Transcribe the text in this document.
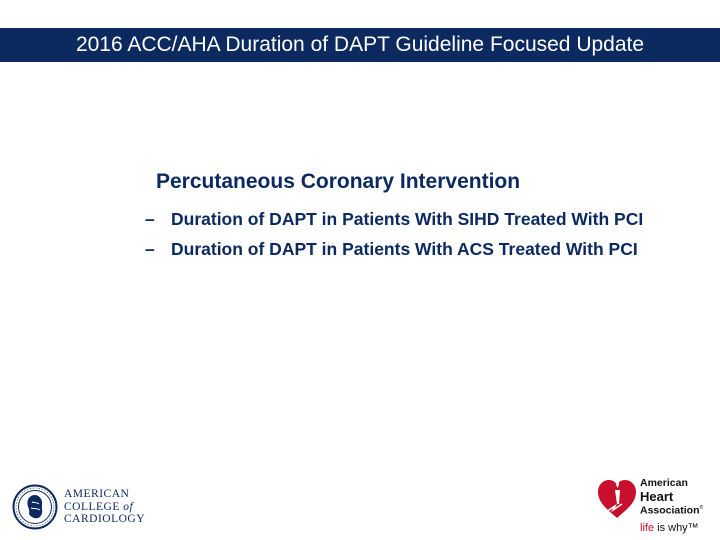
2016 ACC/AHA Duration of DAPT Guideline Focused Update
Percutaneous Coronary Intervention
– Duration of DAPT in Patients With SIHD Treated With PCI
– Duration of DAPT in Patients With ACS Treated With PCI
AMERICAN
COLLEGE of
CARDIOLOGY
American
Heart
Association®
life is why™
